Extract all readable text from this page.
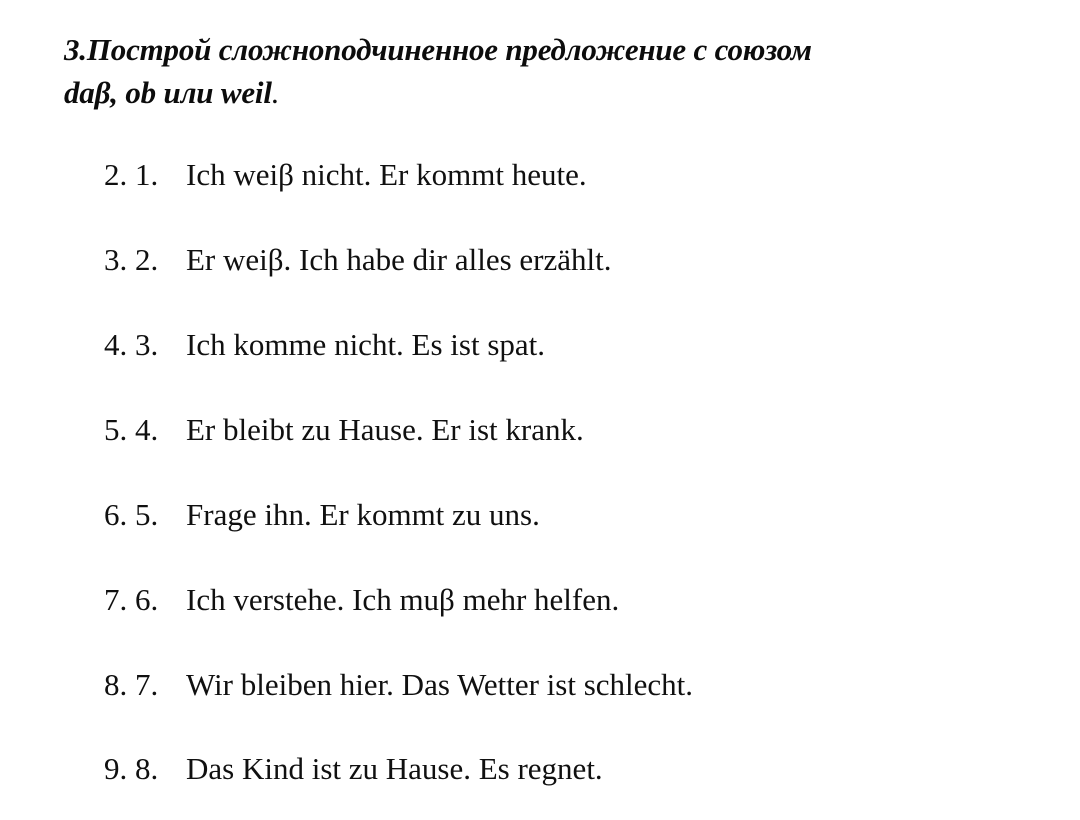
3.Построй сложноподчиненное предложение с союзом
daβ, ob или weil.
2. 1. Ich weiβ nicht. Er kommt heute.
3. 2. Er weiβ. Ich habe dir alles erzählt.
4. 3. Ich komme nicht. Es ist spat.
5. 4. Er bleibt zu Hause. Er ist krank.
6. 5. Frage ihn. Er kommt zu uns.
7. 6. Ich verstehe. Ich muβ mehr helfen.
8. 7. Wir bleiben hier. Das Wetter ist schlecht.
9. 8. Das Kind ist zu Hause. Es regnet.
